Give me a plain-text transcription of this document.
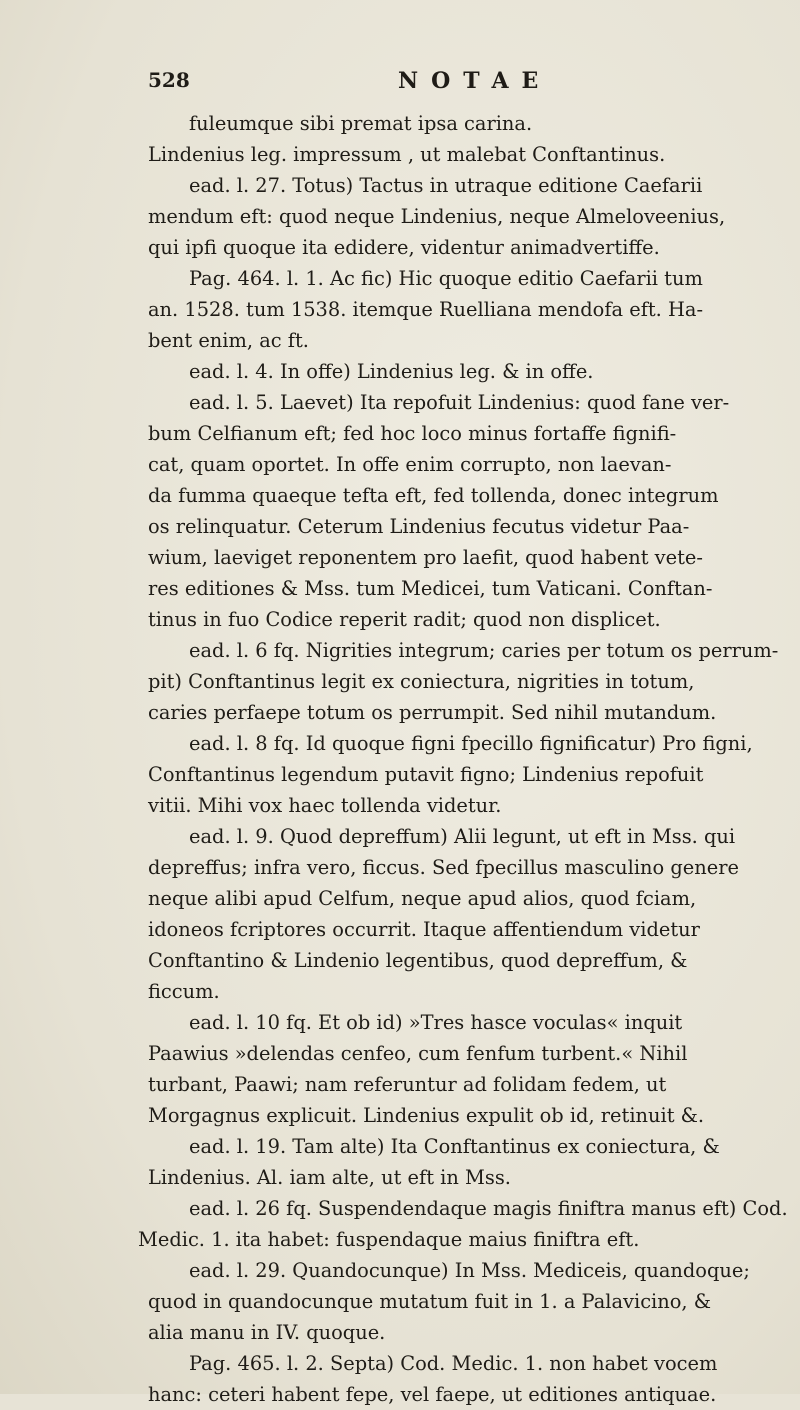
528	NOTAE
fuleumque sibi premat ipsa carina.
Lindenius leg. impressum , ut malebat Conftantinus.
ead. l. 27. Totus) Tactus in utraque editione Caefarii
mendum eft: quod neque Lindenius, neque Almeloveenius,
qui ipfi quoque ita edidere, videntur animadvertiffe.
Pag. 464. l. 1. Ac fic) Hic quoque editio Caefarii tum
an. 1528. tum 1538. itemque Ruelliana mendofa eft. Ha-
bent enim, ac ft.
ead. l. 4. In offe) Lindenius leg. & in offe.
ead. l. 5. Laevet) Ita repofuit Lindenius: quod fane ver-
bum Celfianum eft; fed hoc loco minus fortaffe fignifi-
cat, quam oportet. In offe enim corrupto, non laevan-
da fumma quaeque tefta eft, fed tollenda, donec integrum
os relinquatur. Ceterum Lindenius fecutus videtur Paa-
wium, laeviget reponentem pro laefit, quod habent vete-
res editiones & Mss. tum Medicei, tum Vaticani. Conftan-
tinus in fuo Codice reperit radit; quod non displicet.
ead. l. 6 fq. Nigrities integrum; caries per totum os perrum-
pit) Conftantinus legit ex coniectura, nigrities in totum,
caries perfaepe totum os perrumpit. Sed nihil mutandum.
ead. l. 8 fq. Id quoque figni fpecillo fignificatur) Pro figni,
Conftantinus legendum putavit figno; Lindenius repofuit
vitii. Mihi vox haec tollenda videtur.
ead. l. 9. Quod depreffum) Alii legunt, ut eft in Mss. qui
depreffus; infra vero, ficcus. Sed fpecillus masculino genere
neque alibi apud Celfum, neque apud alios, quod fciam,
idoneos fcriptores occurrit. Itaque affentiendum videtur
Conftantino & Lindenio legentibus, quod depreffum, &
ficcum.
ead. l. 10 fq. Et ob id) »Tres hasce voculas« inquit
Paawius »delendas cenfeo, cum fenfum turbent.« Nihil
turbant, Paawi; nam referuntur ad folidam fedem, ut
Morgagnus explicuit. Lindenius expulit ob id, retinuit &.
ead. l. 19. Tam alte) Ita Conftantinus ex coniectura, &
Lindenius. Al. iam alte, ut eft in Mss.
ead. l. 26 fq. Suspendendaque magis finiftra manus eft) Cod.
Medic. 1. ita habet: fuspendaque maius finiftra eft.
ead. l. 29. Quandocunque) In Mss. Mediceis, quandoque;
quod in quandocunque mutatum fuit in 1. a Palavicino, &
alia manu in IV. quoque.
Pag. 465. l. 2. Septa) Cod. Medic. 1. non habet vocem
hanc: ceteri habent fepe, vel faepe, ut editiones antiquae.
